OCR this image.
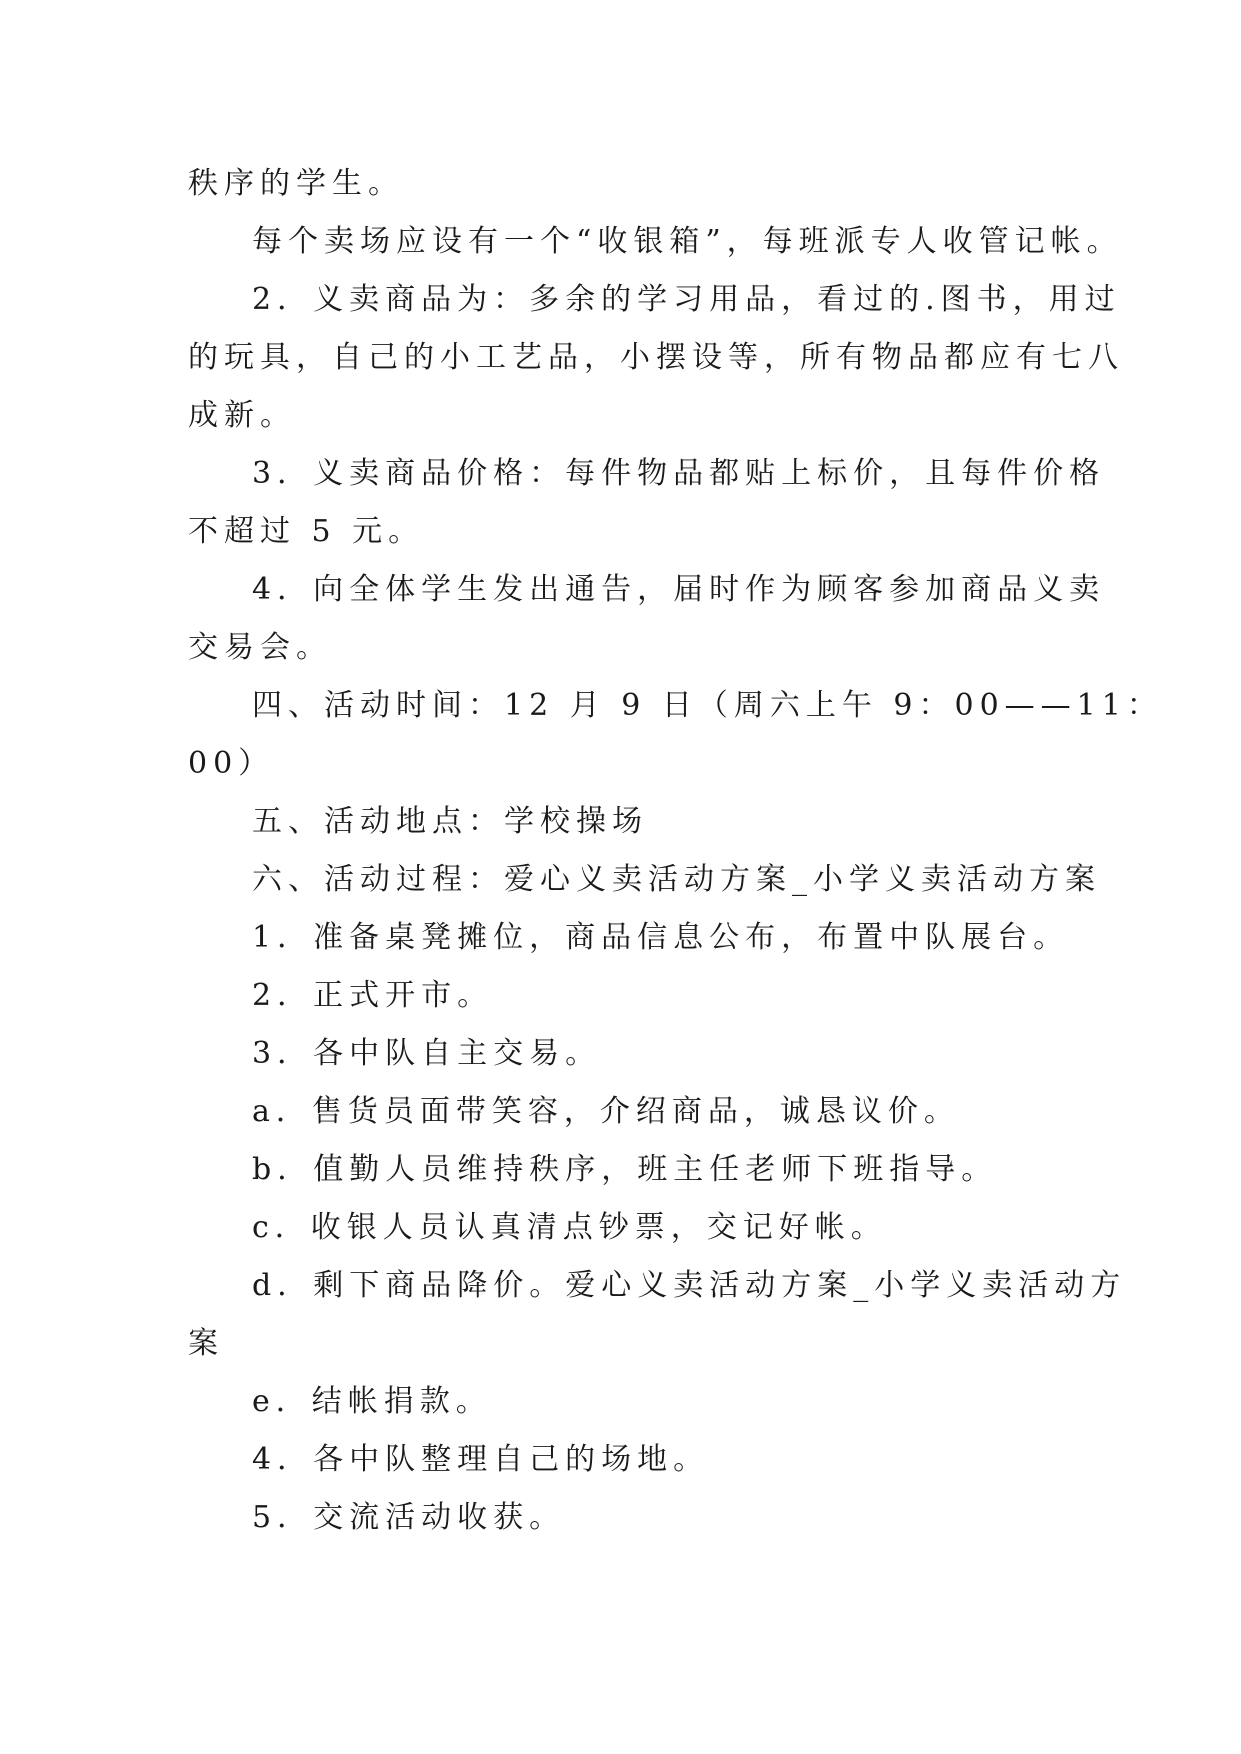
秩序的学生。
每个卖场应设有一个“收银箱”，每班派专人收管记帐。
2．义卖商品为：多余的学习用品，看过的.图书，用过
的玩具，自己的小工艺品，小摆设等，所有物品都应有七八
成新。
3．义卖商品价格：每件物品都贴上标价，且每件价格
不超过 5 元。
4．向全体学生发出通告，届时作为顾客参加商品义卖
交易会。
四、活动时间：12 月 9 日（周六上午 9：00——11：
00）
五、活动地点：学校操场
六、活动过程：爱心义卖活动方案_小学义卖活动方案
1．准备桌凳摊位，商品信息公布，布置中队展台。
2．正式开市。
3．各中队自主交易。
a．售货员面带笑容，介绍商品，诚恳议价。
b．值勤人员维持秩序，班主任老师下班指导。
c．收银人员认真清点钞票，交记好帐。
d．剩下商品降价。爱心义卖活动方案_小学义卖活动方
案
e．结帐捐款。
4．各中队整理自己的场地。
5．交流活动收获。
